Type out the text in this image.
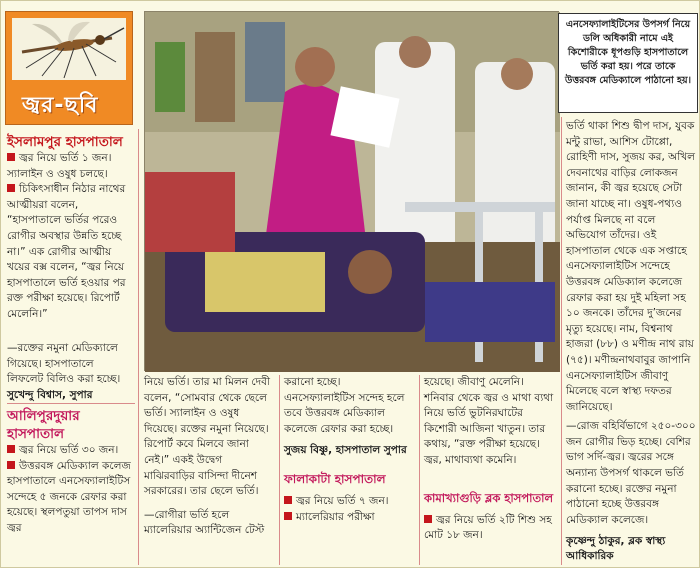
জ্বর-ছবি
এনসেফ্যালাইটিসের উপসর্গ নিয়ে ডলি অধিকারী নামে এই কিশোরীকে ধূপগুড়ি হাসপাতালে ভর্তি করা হয়। পরে তাকে উত্তরবঙ্গ মেডিক্যালে পাঠানো হয়।
ইসলামপুর হাসপাতাল
জ্বর নিয়ে ভর্তি ১ জন। স্যালাইন ও ওষুধ চলছে।
চিকিৎসাধীন নিঠার নাথের আত্মীয়রা বলেন, “হাসপাতালে ভর্তির পরেও রোগীর অবস্থার উন্নতি হচ্ছে না।” এক রোগীর আত্মীয় খয়ের বক্স বলেন, “জ্বর নিয়ে হাসপাতালে ভর্তি হওয়ার পর রক্ত পরীক্ষা হয়েছে। রিপোর্ট মেলেনি।”
—রক্তের নমুনা মেডিক্যালে গিয়েছে। হাসপাতালে লিফলেট বিলিও করা হচ্ছে।
সুখেন্দু বিশ্বাস, সুপার
আলিপুরদুয়ার হাসপাতাল
জ্বর নিয়ে ভর্তি ৩০ জন।
উত্তরবঙ্গ মেডিক্যাল কলেজ হাসপাতালে এনসেফ্যালাইটিস সন্দেহে ৫ জনকে রেফার করা হয়েছে। স্থলপতুয়া তাপস দাস জ্বর
নিয়ে ভর্তি। তার মা মিলন দেবী বলেন, “সোমবার থেকে ছেলে ভর্তি। স্যালাইন ও ওষুধ দিয়েছে। রক্তের নমুনা নিয়েছে। রিপোর্ট কবে মিলবে জানা নেই।” একই উদ্বেগ মাঝিরবাড়ির বাসিন্দা দীনেশ সরকারের। তার ছেলে ভর্তি।
—রোগীরা ভর্তি হলে ম্যালেরিয়ার অ্যান্টিজেন টেস্ট
করানো হচ্ছে। এনসেফ্যালাইটিস সন্দেহ হলে তবে উত্তরবঙ্গ মেডিক্যাল কলেজে রেফার করা হচ্ছে।
সুজয় বিষ্ণু, হাসপাতাল সুপার
ফালাকাটা হাসপাতাল
জ্বর নিয়ে ভর্তি ৭ জন।
ম্যালেরিয়ার পরীক্ষা
হয়েছে। জীবাণু মেলেনি। শনিবার থেকে জ্বর ও মাথা ব্যথা নিয়ে ভর্তি ভুটনিরঘাটের কিশোরী আজিনা খাতুন। তার কথায়, “রক্ত পরীক্ষা হয়েছে। জ্বর, মাথাব্যথা কমেনি।
কামাখ্যাগুড়ি ব্লক হাসপাতাল
জ্বর নিয়ে ভর্তি ২টি শিশু সহ মোট ১৮ জন।
ভর্তি থাকা শিশু দ্বীপ দাস, যুবক মন্টু রাভা, আশিস টোপ্পো, রোহিণী দাস, সুজয় কর, অখিল দেবনাথের বাড়ির লোকজন জানান, কী জ্বর হয়েছে সেটা জানা যাচ্ছে না। ওষুধ-পথ্যও পর্যাপ্ত মিলছে না বলে অভিযোগ তাঁদের। ওই হাসপাতাল থেকে এক সপ্তাহে এনসেফ্যালাইটিস সন্দেহে উত্তরবঙ্গ মেডিক্যাল কলেজে রেফার করা হয় দুই মহিলা সহ ১০ জনকে। তাঁদের দু’জনের মৃত্যু হয়েছে। নাম, বিশ্বনাথ হাজরা (৮৮) ও মণীন্দ্র নাথ রায় (৭৫)। মণীন্দ্রনাথবাবুর জাপানি এনসেফ্যালাইটিস জীবাণু মিলেছে বলে স্বাস্থ্য দফতর জানিয়েছে।
—রোজ বহির্বিভাগে ২৫০-৩০০ জন রোগীর ভিড় হচ্ছে। বেশির ভাগ সর্দি-জ্বর। জ্বরের সঙ্গে অন্যান্য উপসর্গ থাকলে ভর্তি করানো হচ্ছে। রক্তের নমুনা পাঠানো হচ্ছে উত্তরবঙ্গ মেডিক্যাল কলেজে।
কৃষ্ণেন্দু ঠাকুর, ব্লক স্বাস্থ্য আধিকারিক
